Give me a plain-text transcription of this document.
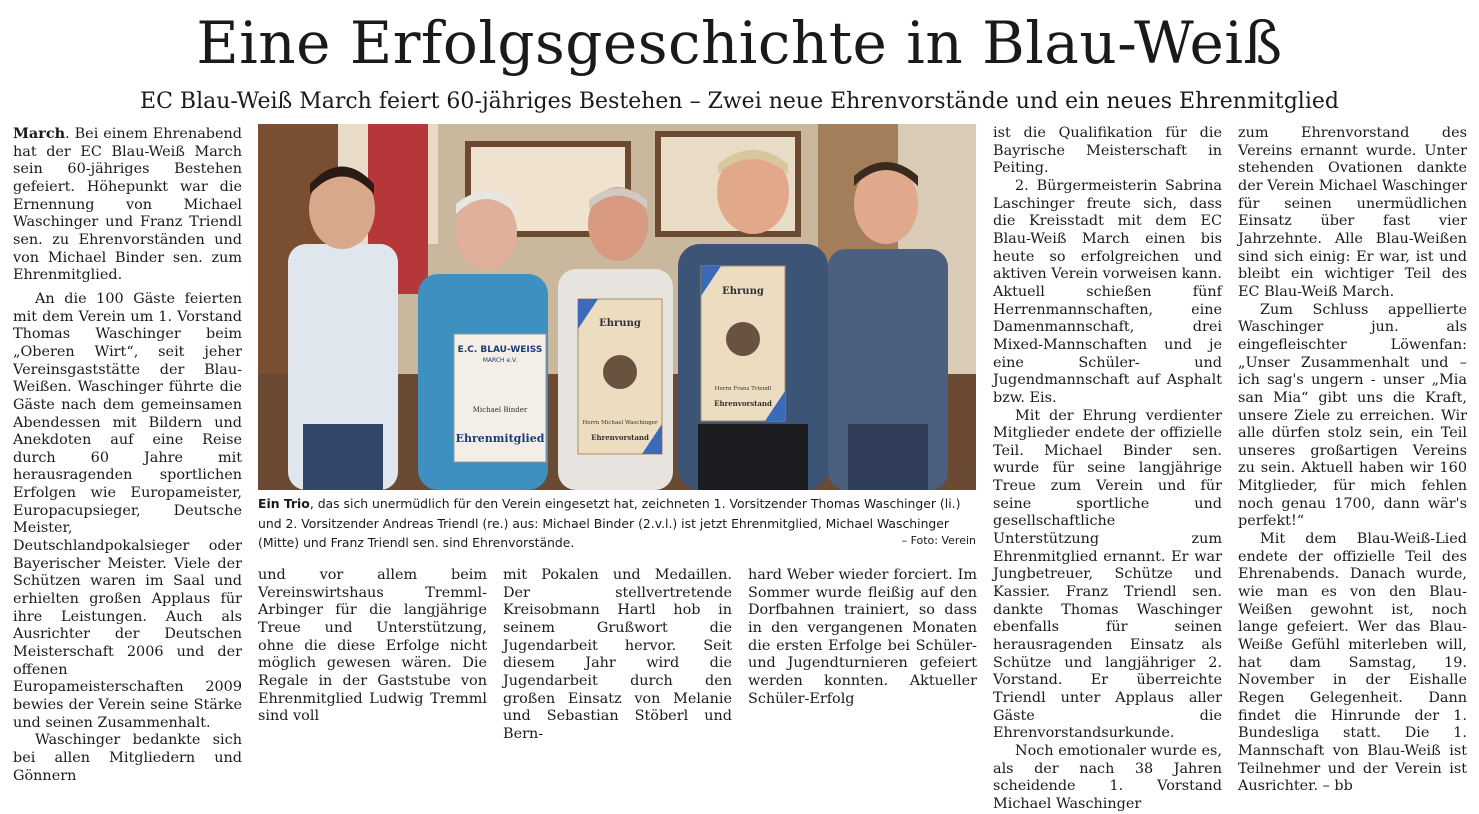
Eine Erfolgsgeschichte in Blau-Weiß
EC Blau-Weiß March feiert 60-jähriges Bestehen – Zwei neue Ehrenvorstände und ein neues Ehrenmitglied

March. Bei einem Ehrenabend hat der EC Blau-Weiß March sein 60-jähriges Bestehen gefeiert. Höhepunkt war die Ernennung von Michael Waschinger und Franz Triendl sen. zu Ehrenvorständen und von Michael Binder sen. zum Ehrenmitglied.

An die 100 Gäste feierten mit dem Verein um 1. Vorstand Thomas Waschinger beim „Oberen Wirt“, seit jeher Vereinsgaststätte der Blau-Weißen. Waschinger führte die Gäste nach dem gemeinsamen Abendessen mit Bildern und Anekdoten auf eine Reise durch 60 Jahre mit herausragenden sportlichen Erfolgen wie Europameister, Europacupsieger, Deutsche Meister, Deutschlandpokalsieger oder Bayerischer Meister. Viele der Schützen waren im Saal und erhielten großen Applaus für ihre Leistungen. Auch als Ausrichter der Deutschen Meisterschaft 2006 und der offenen Europameisterschaften 2009 bewies der Verein seine Stärke und seinen Zusammenhalt.

Waschinger bedankte sich bei allen Mitgliedern und Gönnern

E.C. BLAU-WEISS
MARCH e.V.
Michael Binder
Ehrenmitglied
Ehrung
Herrn Michael Waschinger
Ehrenvorstand
Ehrung
Herrn Franz Triendl
Ehrenvorstand
Ein Trio, das sich unermüdlich für den Verein eingesetzt hat, zeichneten 1. Vorsitzender Thomas Waschinger (li.) und 2. Vorsitzender Andreas Triendl (re.) aus: Michael Binder (2.v.l.) ist jetzt Ehrenmitglied, Michael Waschinger (Mitte) und Franz Triendl sen. sind Ehrenvorstände.	– Foto: Verein

und vor allem beim Vereinswirtshaus Tremml-Arbinger für die langjährige Treue und Unterstützung, ohne die diese Erfolge nicht möglich gewesen wären. Die Regale in der Gaststube von Ehrenmitglied Ludwig Tremml sind voll

mit Pokalen und Medaillen. Der stellvertretende Kreisobmann Hartl hob in seinem Grußwort die Jugendarbeit hervor. Seit diesem Jahr wird die Jugendarbeit durch den großen Einsatz von Melanie und Sebastian Stöberl und Bern-

hard Weber wieder forciert. Im Sommer wurde fleißig auf den Dorfbahnen trainiert, so dass in den vergangenen Monaten die ersten Erfolge bei Schüler- und Jugendturnieren gefeiert werden konnten. Aktueller Schüler-Erfolg

ist die Qualifikation für die Bayrische Meisterschaft in Peiting.

2. Bürgermeisterin Sabrina Laschinger freute sich, dass die Kreisstadt mit dem EC Blau-Weiß March einen bis heute so erfolgreichen und aktiven Verein vorweisen kann. Aktuell schießen fünf Herrenmannschaften, eine Damenmannschaft, drei Mixed-Mannschaften und je eine Schüler- und Jugendmannschaft auf Asphalt bzw. Eis.

Mit der Ehrung verdienter Mitglieder endete der offizielle Teil. Michael Binder sen. wurde für seine langjährige Treue zum Verein und für seine sportliche und gesellschaftliche Unterstützung zum Ehrenmitglied ernannt. Er war Jungbetreuer, Schütze und Kassier. Franz Triendl sen. dankte Thomas Waschinger ebenfalls für seinen herausragenden Einsatz als Schütze und langjähriger 2. Vorstand. Er überreichte Triendl unter Applaus aller Gäste die Ehrenvorstandsurkunde.

Noch emotionaler wurde es, als der nach 38 Jahren scheidende 1. Vorstand Michael Waschinger

zum Ehrenvorstand des Vereins ernannt wurde. Unter stehenden Ovationen dankte der Verein Michael Waschinger für seinen unermüdlichen Einsatz über fast vier Jahrzehnte. Alle Blau-Weißen sind sich einig: Er war, ist und bleibt ein wichtiger Teil des EC Blau-Weiß March.

Zum Schluss appellierte Waschinger jun. als eingefleischter Löwenfan: „Unser Zusammenhalt und – ich sag's ungern - unser „Mia san Mia“ gibt uns die Kraft, unsere Ziele zu erreichen. Wir alle dürfen stolz sein, ein Teil unseres großartigen Vereins zu sein. Aktuell haben wir 160 Mitglieder, für mich fehlen noch genau 1700, dann wär's perfekt!“

Mit dem Blau-Weiß-Lied endete der offizielle Teil des Ehrenabends. Danach wurde, wie man es von den Blau-Weißen gewohnt ist, noch lange gefeiert. Wer das Blau-Weiße Gefühl miterleben will, hat dam Samstag, 19. November in der Eishalle Regen Gelegenheit. Dann findet die Hinrunde der 1. Bundesliga statt. Die 1. Mannschaft von Blau-Weiß ist Teilnehmer und der Verein ist Ausrichter. – bb
